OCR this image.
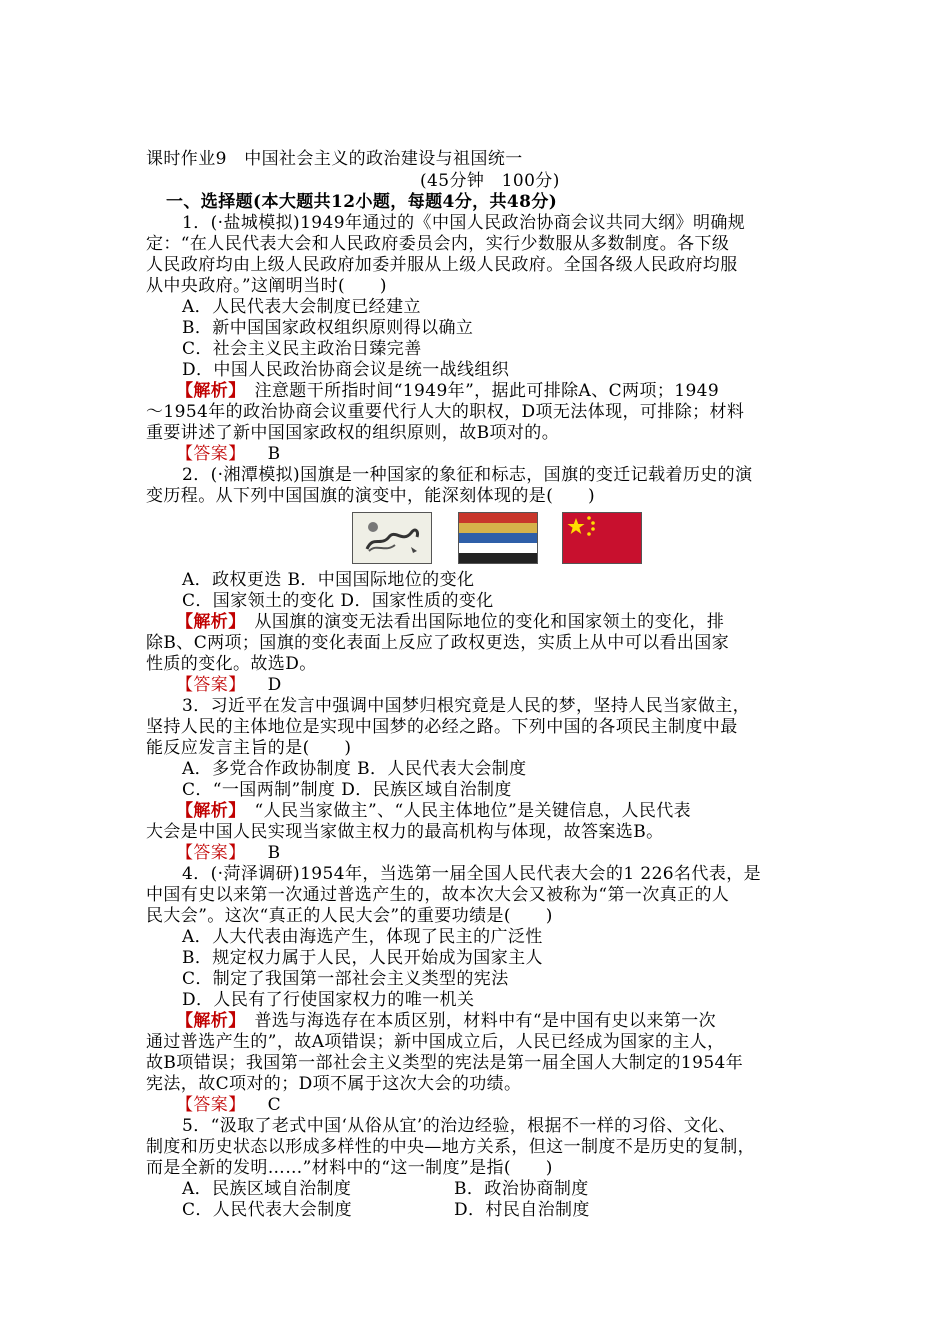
课时作业9　中国社会主义的政治建设与祖国统一
(45分钟　100分)
一、选择题(本大题共12小题，每题4分，共48分)
1．(·盐城模拟)1949年通过的《中国人民政治协商会议共同大纲》明确规
定：“在人民代表大会和人民政府委员会内，实行少数服从多数制度。各下级
人民政府均由上级人民政府加委并服从上级人民政府。全国各级人民政府均服
从中央政府。”这阐明当时(　　)
A．人民代表大会制度已经建立
B．新中国国家政权组织原则得以确立
C．社会主义民主政治日臻完善
D．中国人民政治协商会议是统一战线组织
【解析】　注意题干所指时间“1949年”，据此可排除A、C两项；1949
～1954年的政治协商会议重要代行人大的职权，D项无法体现，可排除；材料
重要讲述了新中国国家政权的组织原则，故B项对的。
【答案】 B
2．(·湘潭模拟)国旗是一种国家的象征和标志，国旗的变迁记载着历史的演
变历程。从下列中国国旗的演变中，能深刻体现的是(　　)
A．政权更迭 B．中国国际地位的变化
C．国家领土的变化 D．国家性质的变化
【解析】　从国旗的演变无法看出国际地位的变化和国家领土的变化，排
除B、C两项；国旗的变化表面上反应了政权更迭，实质上从中可以看出国家
性质的变化。故选D。
【答案】 D
3．习近平在发言中强调中国梦归根究竟是人民的梦，坚持人民当家做主，
坚持人民的主体地位是实现中国梦的必经之路。下列中国的各项民主制度中最
能反应发言主旨的是(　　)
A．多党合作政协制度 B．人民代表大会制度
C．“一国两制”制度 D．民族区域自治制度
【解析】　“人民当家做主”、“人民主体地位”是关键信息，人民代表
大会是中国人民实现当家做主权力的最高机构与体现，故答案选B。
【答案】 B
4．(·菏泽调研)1954年，当选第一届全国人民代表大会的1 226名代表，是
中国有史以来第一次通过普选产生的，故本次大会又被称为“第一次真正的人
民大会”。这次“真正的人民大会”的重要功绩是(　　)
A．人大代表由海选产生，体现了民主的广泛性
B．规定权力属于人民，人民开始成为国家主人
C．制定了我国第一部社会主义类型的宪法
D．人民有了行使国家权力的唯一机关
【解析】　普选与海选存在本质区别，材料中有“是中国有史以来第一次
通过普选产生的”，故A项错误；新中国成立后，人民已经成为国家的主人，
故B项错误；我国第一部社会主义类型的宪法是第一届全国人大制定的1954年
宪法，故C项对的；D项不属于这次大会的功绩。
【答案】 C
5．“汲取了老式中国‘从俗从宜’的治边经验，根据不一样的习俗、文化、
制度和历史状态以形成多样性的中央—地方关系，但这一制度不是历史的复制，
而是全新的发明……”材料中的“这一制度”是指(　　)
A．民族区域自治制度	B．政治协商制度
C．人民代表大会制度	D．村民自治制度
